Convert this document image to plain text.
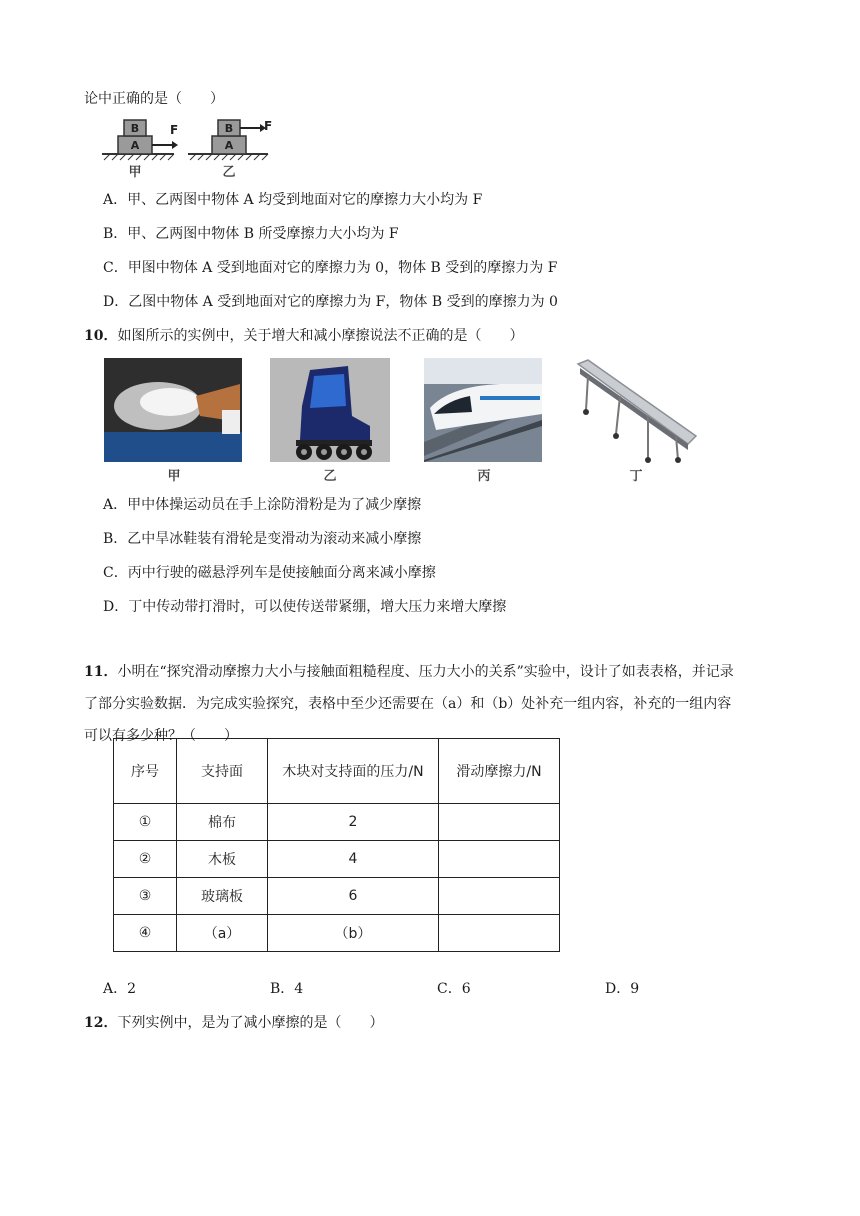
论中正确的是（　　）
B
A
F
甲
B
A
F
乙
A．甲、乙两图中物体 A 均受到地面对它的摩擦力大小均为 F
B．甲、乙两图中物体 B 所受摩擦力大小均为 F
C．甲图中物体 A 受到地面对它的摩擦力为 0，物体 B 受到的摩擦力为 F
D．乙图中物体 A 受到地面对它的摩擦力为 F，物体 B 受到的摩擦力为 0
10．如图所示的实例中，关于增大和减小摩擦说法不正确的是（　　）
甲	乙	丙	丁
A．甲中体操运动员在手上涂防滑粉是为了减少摩擦
B．乙中旱冰鞋装有滑轮是变滑动为滚动来减小摩擦
C．丙中行驶的磁悬浮列车是使接触面分离来减小摩擦
D．丁中传动带打滑时，可以使传送带紧绷，增大压力来增大摩擦
11．小明在“探究滑动摩擦力大小与接触面粗糙程度、压力大小的关系”实验中，设计了如表表格，并记录
了部分实验数据．为完成实验探究，表格中至少还需要在（a）和（b）处补充一组内容，补充的一组内容
序号	支持面	木块对支持面的压力/N	滑动摩擦力/N
①	棉布	2	
②	木板	4	
③	玻璃板	6	
④	（a）	（b）	
A．2	B．4	C．6	D．9
12．下列实例中，是为了减小摩擦的是（　　）
可以有多少种？（　　）
